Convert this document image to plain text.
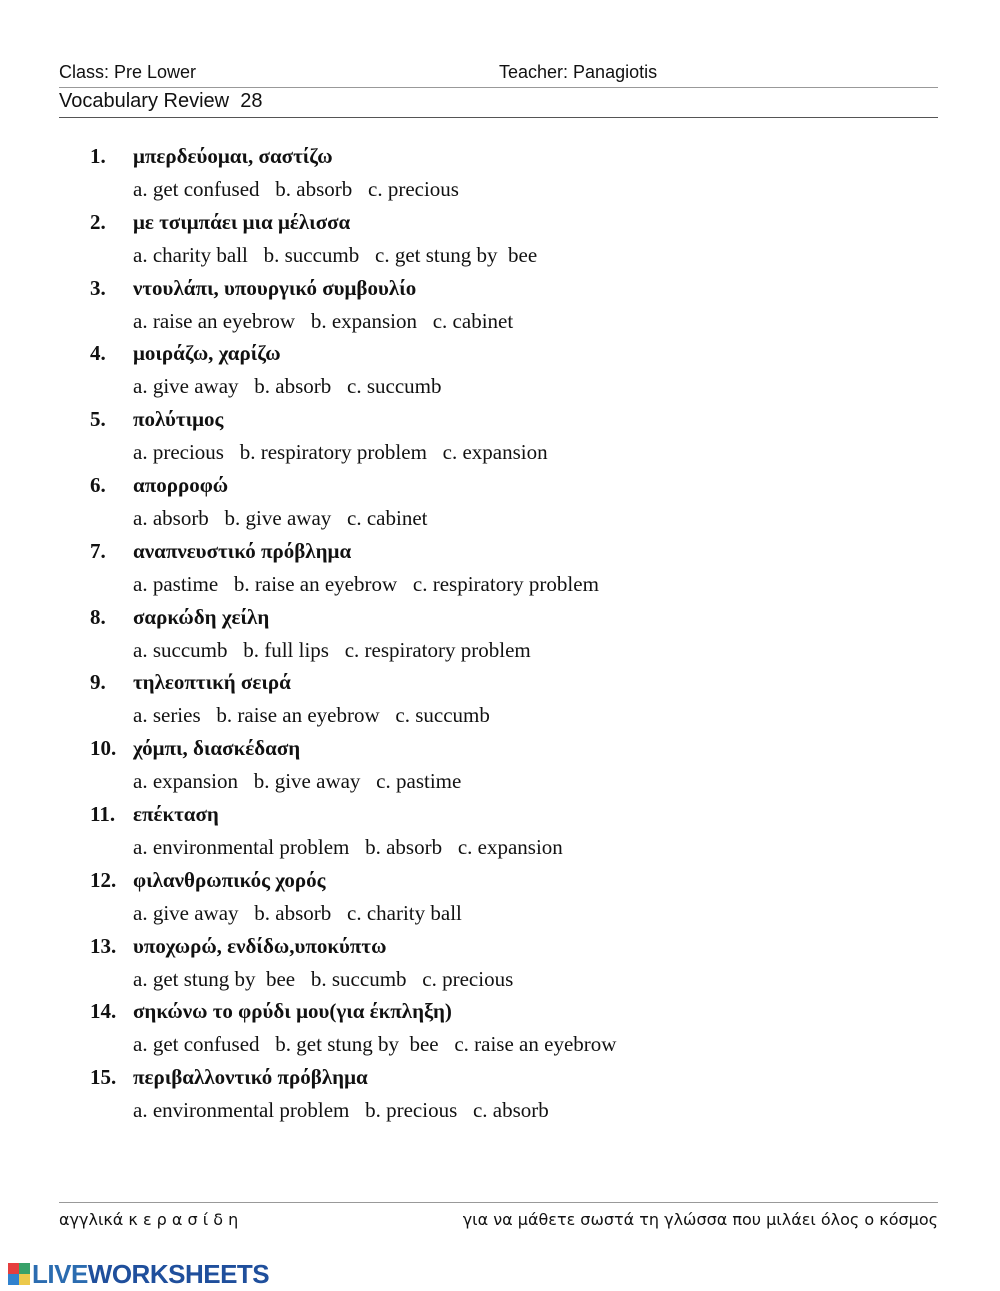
Class: Pre Lower	Teacher: Panagiotis
Vocabulary Review  28
1.	μπερδεύομαι, σαστίζω
a. get confused   b. absorb   c. precious
2.	με τσιμπάει μια μέλισσα
a. charity ball   b. succumb   c. get stung by  bee
3.	ντουλάπι, υπουργικό συμβουλίο
a. raise an eyebrow   b. expansion   c. cabinet
4.	μοιράζω, χαρίζω
a. give away   b. absorb   c. succumb
5.	πολύτιμος
a. precious   b. respiratory problem   c. expansion
6.	απορροφώ
a. absorb   b. give away   c. cabinet
7.	αναπνευστικό πρόβλημα
a. pastime   b. raise an eyebrow   c. respiratory problem
8.	σαρκώδη χείλη
a. succumb   b. full lips   c. respiratory problem
9.	τηλεοπτική σειρά
a. series   b. raise an eyebrow   c. succumb
10. χόμπι, διασκέδαση
a. expansion   b. give away   c. pastime
11. επέκταση
a. environmental problem   b. absorb   c. expansion
12. φιλανθρωπικός χορός
a. give away   b. absorb   c. charity ball
13. υποχωρώ, ενδίδω,υποκύπτω
a. get stung by  bee   b. succumb   c. precious
14. σηκώνω το φρύδι μου(για έκπληξη)
a. get confused   b. get stung by  bee   c. raise an eyebrow
15. περιβαλλοντικό πρόβλημα
a. environmental problem   b. precious   c. absorb
αγγλικά κ ε ρ α σ ί δ η	για να μάθετε σωστά τη γλώσσα που μιλάει όλος ο κόσμος
LIVEWORKSHEETS
